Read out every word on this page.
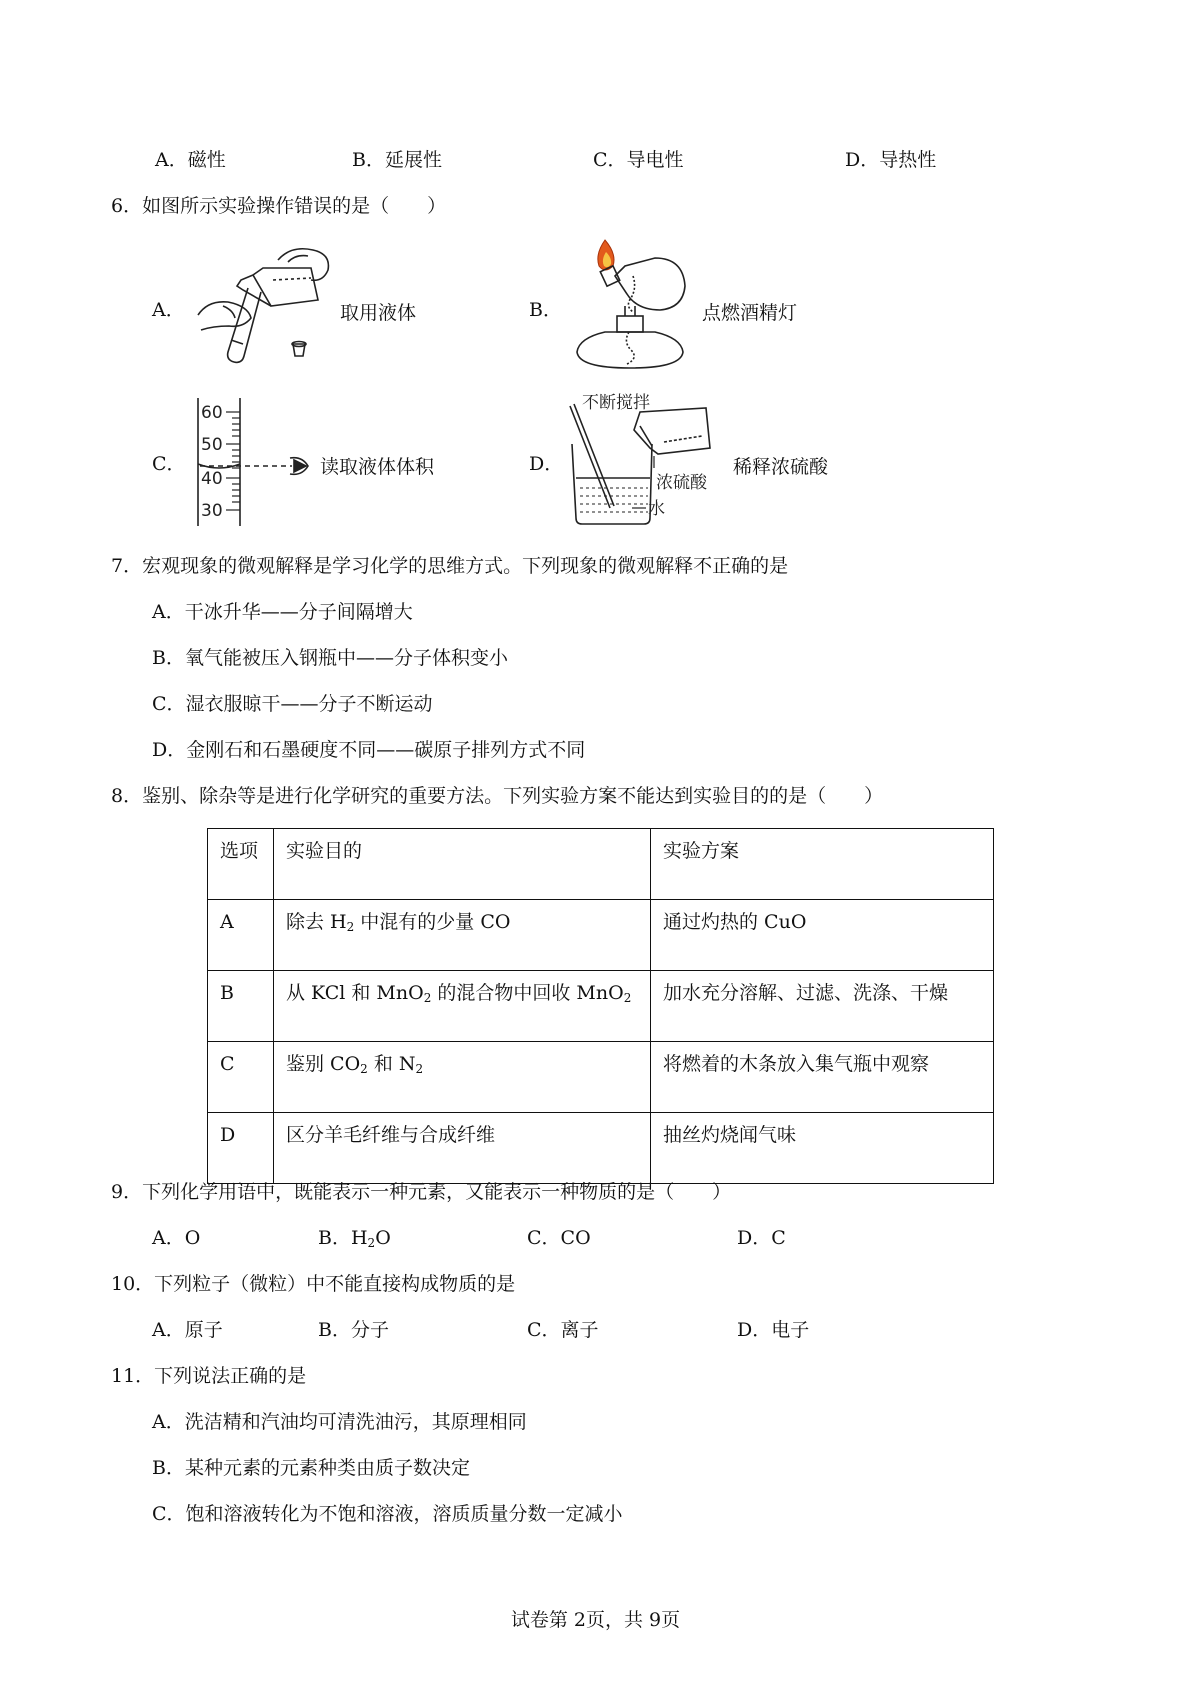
A．磁性	B．延展性	C．导电性	D．导热性
6．如图所示实验操作错误的是（　　）
A．	取用液体	B．	点燃酒精灯
C．
60
50
40
30
读取液体体积	D．
不断搅拌
浓硫酸
水
稀释浓硫酸
7．宏观现象的微观解释是学习化学的思维方式。下列现象的微观解释不正确的是
A．干冰升华——分子间隔增大
B．氧气能被压入钢瓶中——分子体积变小
C．湿衣服晾干——分子不断运动
D．金刚石和石墨硬度不同——碳原子排列方式不同
8．鉴别、除杂等是进行化学研究的重要方法。下列实验方案不能达到实验目的的是（　　）
选项	实验目的	实验方案
A	除去 $H_2$ 中混有的少量 CO	通过灼热的 CuO
B	从 KCl 和 MnO$_2$ 的混合物中回收 MnO$_2$	加水充分溶解、过滤、洗涤、干燥
C	鉴别 $CO_2$ 和 $N_2$	将燃着的木条放入集气瓶中观察
D	区分羊毛纤维与合成纤维	抽丝灼烧闻气味
9．下列化学用语中，既能表示一种元素，又能表示一种物质的是（　　）
A．O	B．$H_2O$	C．CO	D．C
10．下列粒子（微粒）中不能直接构成物质的是
A．原子	B．分子	C．离子	D．电子
11．下列说法正确的是
A．洗洁精和汽油均可清洗油污，其原理相同
B．某种元素的元素种类由质子数决定
C．饱和溶液转化为不饱和溶液，溶质质量分数一定减小
试卷第 2页，共 9页
